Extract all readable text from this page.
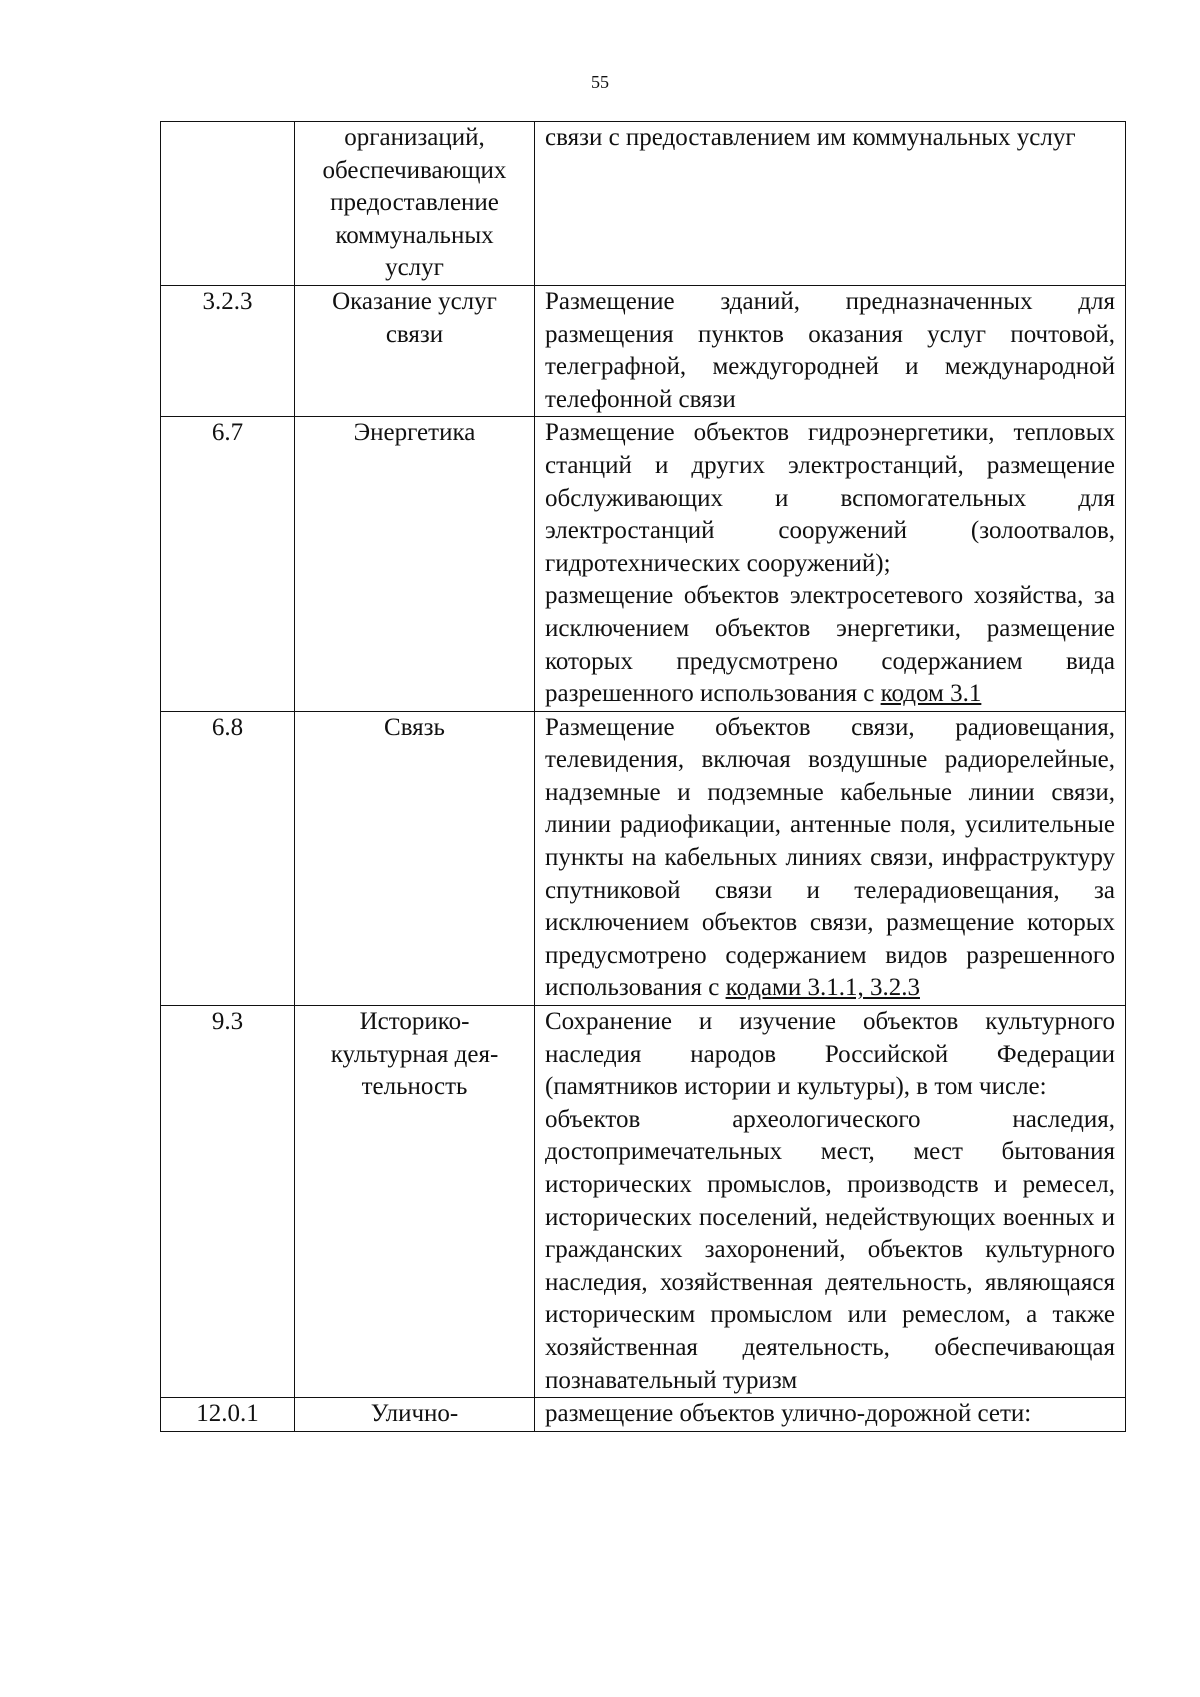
55
	организаций, обеспечивающих предоставление коммунальных услуг	связи с предоставлением им коммунальных услуг

3.2.3	Оказание услуг связи	Размещение зданий, предназначенных для размещения пунктов оказания услуг почтовой, телеграфной, междугородней и международной телефонной связи

6.7	Энергетика	Размещение объектов гидроэнергетики, тепловых станций и других электростанций, размещение обслуживающих и вспомогательных для электростанций сооружений (золоотвалов, гидротехнических сооружений);
размещение объектов электросетевого хозяйства, за исключением объектов энергетики, размещение которых предусмотрено содержанием вида разрешенного использования с кодом 3.1

6.8	Связь	Размещение объектов связи, радиовещания, телевидения, включая воздушные радиорелейные, надземные и подземные кабельные линии связи, линии радиофикации, антенные поля, усилительные пункты на кабельных линиях связи, инфраструктуру спутниковой связи и телерадиовещания, за исключением объектов связи, размещение которых предусмотрено содержанием видов разрешенного использования с кодами 3.1.1, 3.2.3

9.3	Историко-культурная дея-тельность	Сохранение и изучение объектов культурного наследия народов Российской Федерации (памятников истории и культуры), в том числе:
объектов археологического наследия, достопримечательных мест, мест бытования исторических промыслов, производств и ремесел, исторических поселений, недействующих военных и гражданских захоронений, объектов культурного наследия, хозяйственная деятельность, являющаяся историческим промыслом или ремеслом, а также хозяйственная деятельность, обеспечивающая познавательный туризм

12.0.1	Улично-	размещение объектов улично-дорожной сети:
